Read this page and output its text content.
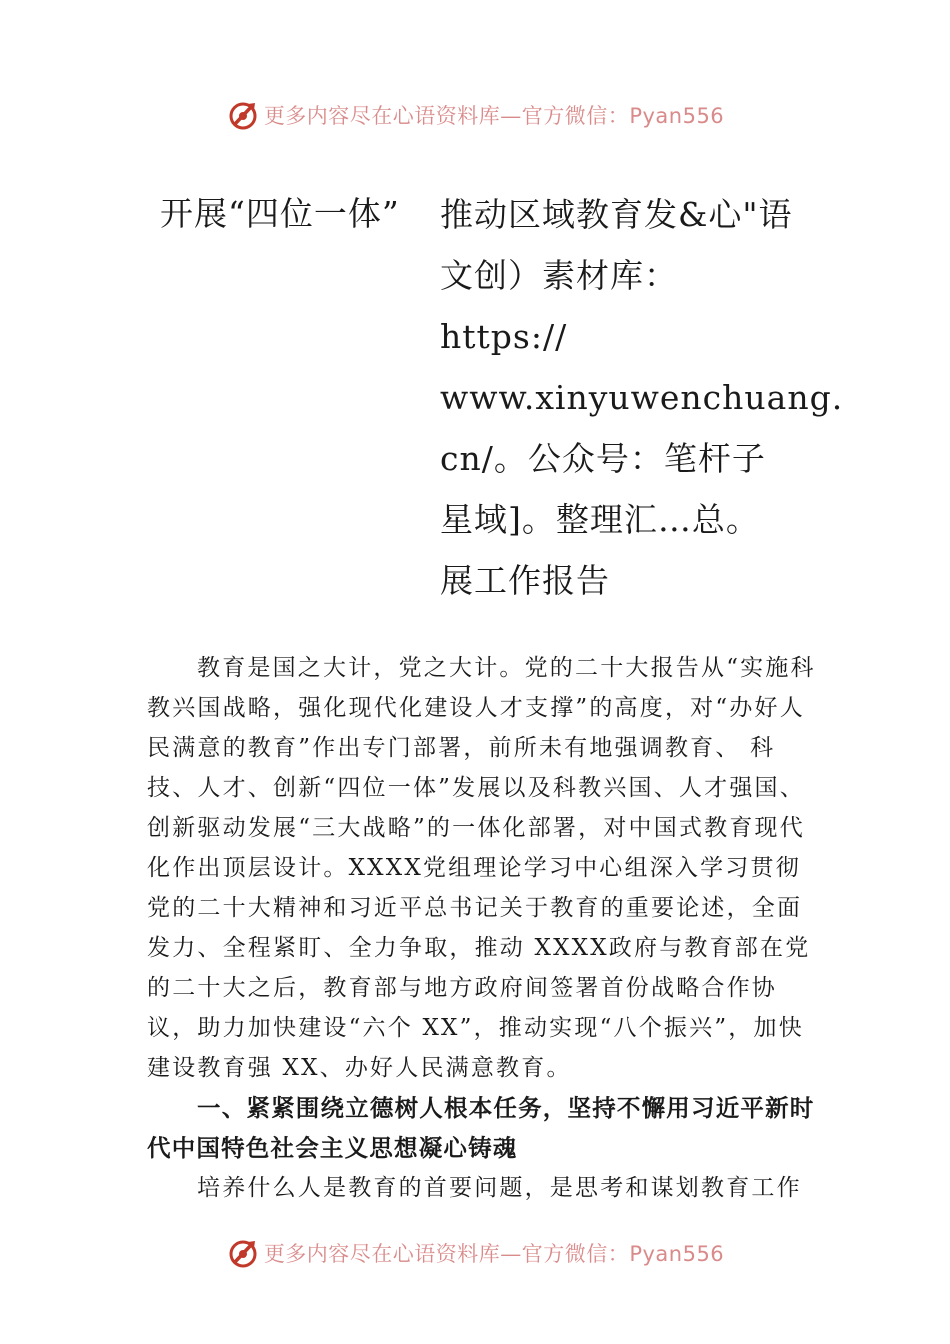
更多内容尽在心语资料库—官方微信：Pyan556
开展“四位一体” 推动区域教育发&心"语
文创）素材库：
https://
www.xinyuwenchuang.
cn/。公众号：笔杆子
星域]。整理汇…总。
展工作报告

教育是国之大计，党之大计。党的二十大报告从“实施科教兴国战略，强化现代化建设人才支撑”的高度，对“办好人民满意的教育”作出专门部署，前所未有地强调教育、 科技、人才、创新“四位一体”发展以及科教兴国、人才强国、创新驱动发展“三大战略”的一体化部署，对中国式教育现代化作出顶层设计。XXXX党组理论学习中心组深入学习贯彻党的二十大精神和习近平总书记关于教育的重要论述，全面发力、全程紧盯、全力争取，推动 XXXX政府与教育部在党的二十大之后，教育部与地方政府间签署首份战略合作协议，助力加快建设“六个 XX”，推动实现“八个振兴”，加快建设教育强 XX、办好人民满意教育。

一、紧紧围绕立德树人根本任务，坚持不懈用习近平新时代中国特色社会主义思想凝心铸魂

培养什么人是教育的首要问题，是思考和谋划教育工作

更多内容尽在心语资料库—官方微信：Pyan556
